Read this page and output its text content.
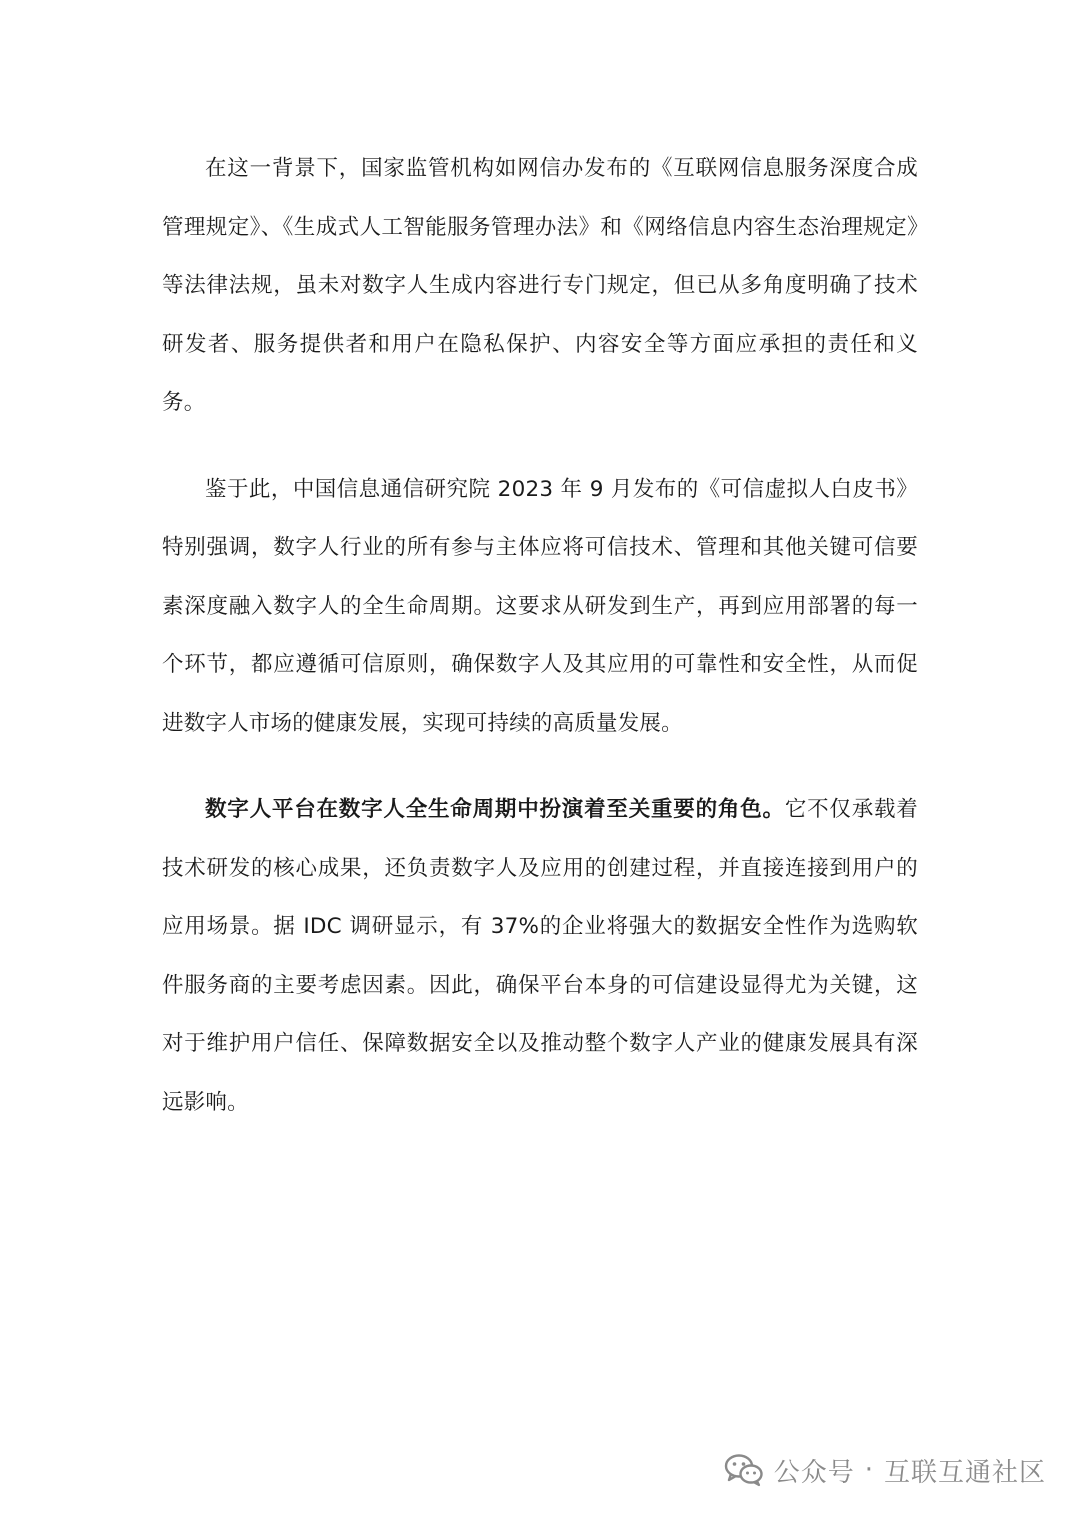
在这一背景下，国家监管机构如网信办发布的《互联网信息服务深度合成管理规定》、《生成式人工智能服务管理办法》和《网络信息内容生态治理规定》等法律法规，虽未对数字人生成内容进行专门规定，但已从多角度明确了技术研发者、服务提供者和用户在隐私保护、内容安全等方面应承担的责任和义务。

鉴于此，中国信息通信研究院 2023 年 9 月发布的《可信虚拟人白皮书》特别强调，数字人行业的所有参与主体应将可信技术、管理和其他关键可信要素深度融入数字人的全生命周期。这要求从研发到生产，再到应用部署的每一个环节，都应遵循可信原则，确保数字人及其应用的可靠性和安全性，从而促进数字人市场的健康发展，实现可持续的高质量发展。

数字人平台在数字人全生命周期中扮演着至关重要的角色。它不仅承载着技术研发的核心成果，还负责数字人及应用的创建过程，并直接连接到用户的应用场景。据 IDC 调研显示，有 37%的企业将强大的数据安全性作为选购软件服务商的主要考虑因素。因此，确保平台本身的可信建设显得尤为关键，这对于维护用户信任、保障数据安全以及推动整个数字人产业的健康发展具有深远影响。

公众号 · 互联互通社区
